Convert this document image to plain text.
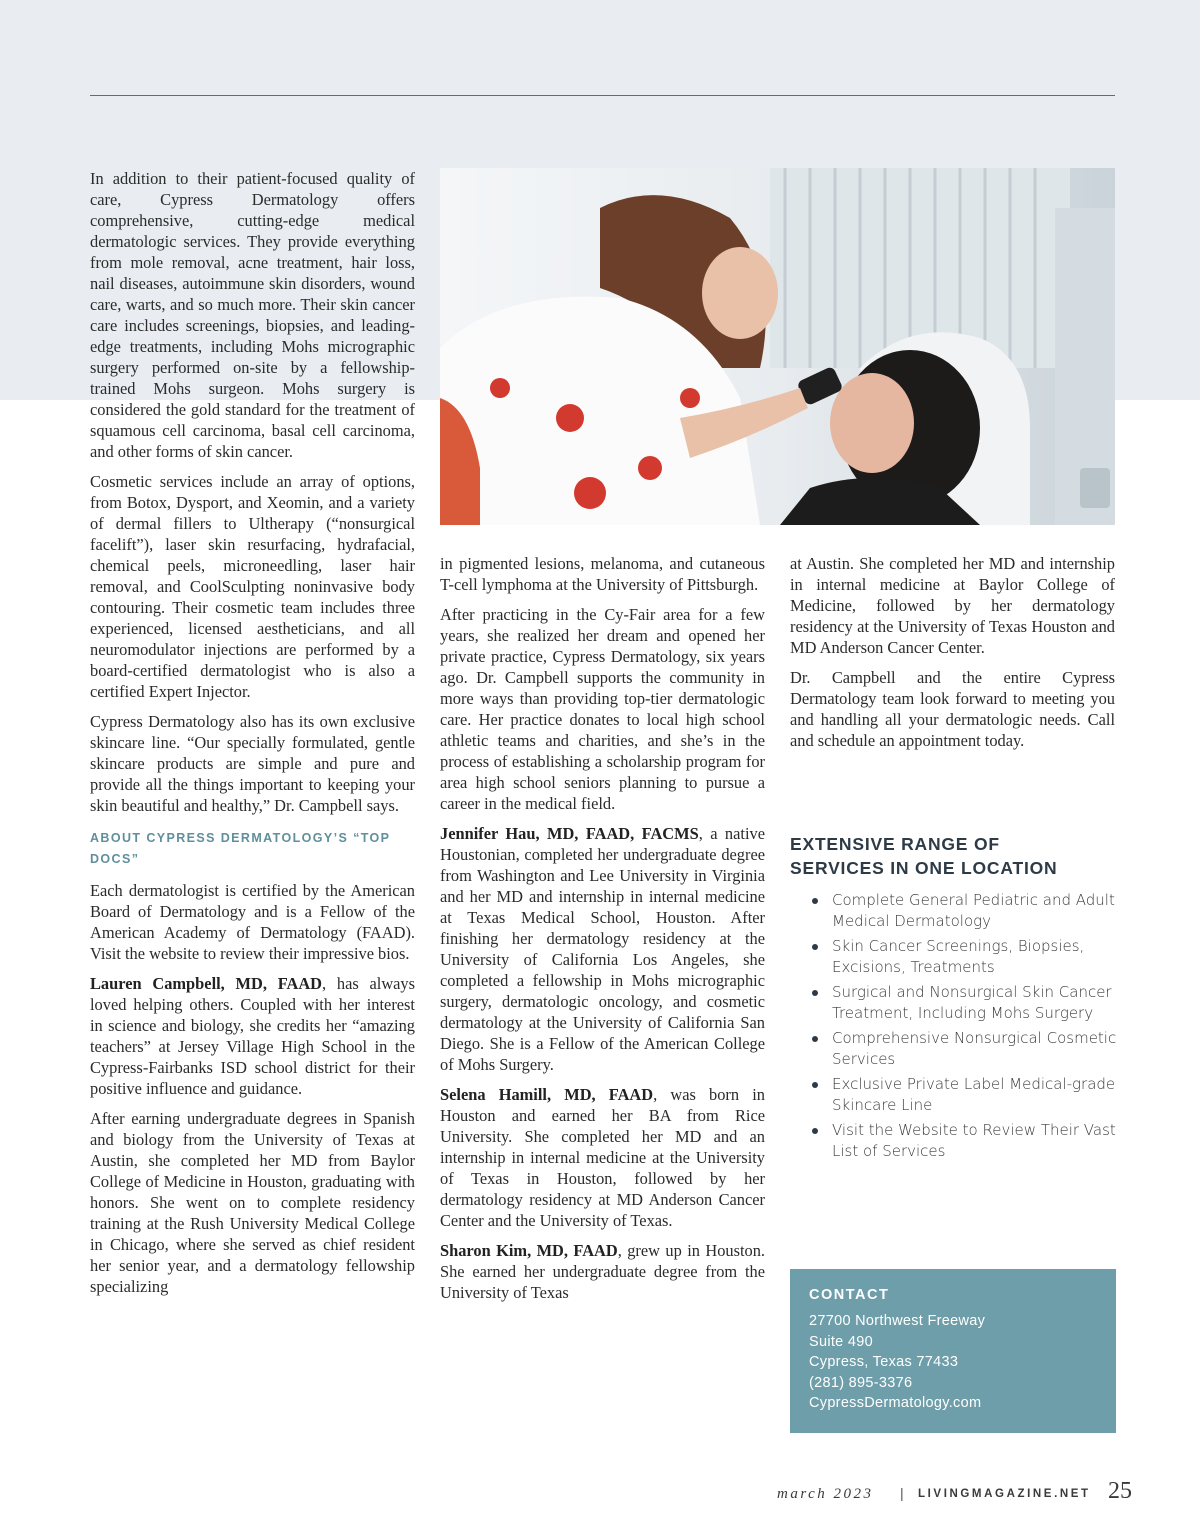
In addition to their patient-focused quality of care, Cypress Dermatology offers comprehensive, cutting-edge medical dermatologic services. They provide everything from mole removal, acne treatment, hair loss, nail diseases, autoimmune skin disorders, wound care, warts, and so much more. Their skin cancer care includes screenings, biopsies, and leading-edge treatments, including Mohs micrographic surgery performed on-site by a fellowship-trained Mohs surgeon. Mohs surgery is considered the gold standard for the treatment of squamous cell carcinoma, basal cell carcinoma, and other forms of skin cancer.

Cosmetic services include an array of options, from Botox, Dysport, and Xeomin, and a variety of dermal fillers to Ultherapy (“nonsurgical facelift”), laser skin resurfacing, hydrafacial, chemical peels, microneedling, laser hair removal, and CoolSculpting noninvasive body contouring. Their cosmetic team includes three experienced, licensed aestheticians, and all neuromodulator injections are performed by a board-certified dermatologist who is also a certified Expert Injector.

Cypress Dermatology also has its own exclusive skincare line. “Our specially formulated, gentle skincare products are simple and pure and provide all the things important to keeping your skin beautiful and healthy,” Dr. Campbell says.

ABOUT CYPRESS DERMATOLOGY’S “TOP DOCS”

Each dermatologist is certified by the American Board of Dermatology and is a Fellow of the American Academy of Dermatology (FAAD). Visit the website to review their impressive bios.

Lauren Campbell, MD, FAAD, has always loved helping others. Coupled with her interest in science and biology, she credits her “amazing teachers” at Jersey Village High School in the Cypress-Fairbanks ISD school district for their positive influence and guidance.

After earning undergraduate degrees in Spanish and biology from the University of Texas at Austin, she completed her MD from Baylor College of Medicine in Houston, graduating with honors. She went on to complete residency training at the Rush University Medical College in Chicago, where she served as chief resident her senior year, and a dermatology fellowship specializing

in pigmented lesions, melanoma, and cutaneous T-cell lymphoma at the University of Pittsburgh.

After practicing in the Cy-Fair area for a few years, she realized her dream and opened her private practice, Cypress Dermatology, six years ago. Dr. Campbell supports the community in more ways than providing top-tier dermatologic care. Her practice donates to local high school athletic teams and charities, and she’s in the process of establishing a scholarship program for area high school seniors planning to pursue a career in the medical field.

Jennifer Hau, MD, FAAD, FACMS, a native Houstonian, completed her undergraduate degree from Washington and Lee University in Virginia and her MD and internship in internal medicine at Texas Medical School, Houston. After finishing her dermatology residency at the University of California Los Angeles, she completed a fellowship in Mohs micrographic surgery, dermatologic oncology, and cosmetic dermatology at the University of California San Diego. She is a Fellow of the American College of Mohs Surgery.

Selena Hamill, MD, FAAD, was born in Houston and earned her BA from Rice University. She completed her MD and an internship in internal medicine at the University of Texas in Houston, followed by her dermatology residency at MD Anderson Cancer Center and the University of Texas.

Sharon Kim, MD, FAAD, grew up in Houston. She earned her undergraduate degree from the University of Texas

at Austin. She completed her MD and internship in internal medicine at Baylor College of Medicine, followed by her dermatology residency at the University of Texas Houston and MD Anderson Cancer Center.

Dr. Campbell and the entire Cypress Dermatology team look forward to meeting you and handling all your dermatologic needs. Call and schedule an appointment today.

EXTENSIVE RANGE OF
SERVICES IN ONE LOCATION
Complete General Pediatric and Adult Medical Dermatology
Skin Cancer Screenings, Biopsies, Excisions, Treatments
Surgical and Nonsurgical Skin Cancer Treatment, Including Mohs Surgery
Comprehensive Nonsurgical Cosmetic Services
Exclusive Private Label Medical-grade Skincare Line
Visit the Website to Review Their Vast List of Services
CONTACT
27700 Northwest Freeway
Suite 490
Cypress, Texas 77433
(281) 895-3376
CypressDermatology.com
march 2023 | LIVINGMAGAZINE.NET 25
